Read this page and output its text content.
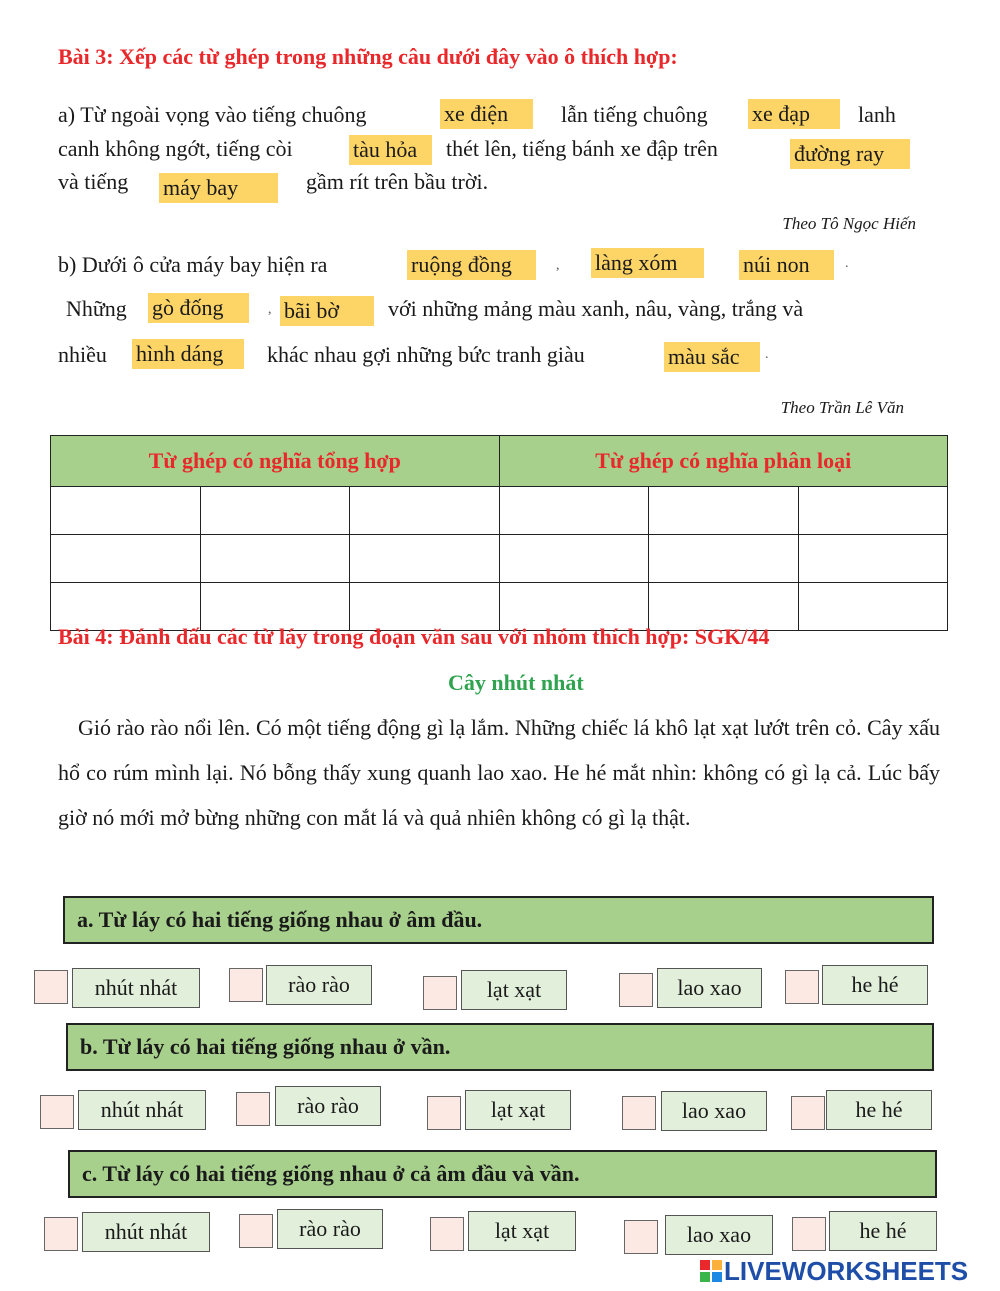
Bài 3: Xếp các từ ghép trong những câu dưới đây vào ô thích hợp:
a) Từ ngoài vọng vào tiếng chuông	xe điện	lẫn tiếng chuông xe đạp	lanh
canh không ngớt, tiếng còi	tàu hỏa	thét lên, tiếng bánh xe đập trên	đường ray
và tiếng máy bay	gầm rít trên bầu trời.
Theo Tô Ngọc Hiến
b) Dưới ô cửa máy bay hiện ra	ruộng đồng	, làng xóm	núi non	.
Những gò đống	, bãi bờ	với những mảng màu xanh, nâu, vàng, trắng và
nhiều hình dáng	khác nhau gợi những bức tranh giàu	màu sắc	.
Theo Trần Lê Văn
Từ ghép có nghĩa tổng hợp			Từ ghép có nghĩa phân loại		

Bài 4: Đánh dấu các từ láy trong đoạn văn sau với nhóm thích hợp: SGK/44
Cây nhút nhát
Gió rào rào nổi lên. Có một tiếng động gì lạ lắm. Những chiếc lá khô lạt xạt lướt trên cỏ. Cây xấu hổ co rúm mình lại. Nó bỗng thấy xung quanh lao xao. He hé mắt nhìn: không có gì lạ cả. Lúc bấy giờ nó mới mở bừng những con mắt lá và quả nhiên không có gì lạ thật.
a. Từ láy có hai tiếng giống nhau ở âm đầu.
nhút nhát	rào rào	lạt xạt	lao xao	he hé
b. Từ láy có hai tiếng giống nhau ở vần.
nhút nhát	rào rào	lạt xạt	lao xao	he hé
c. Từ láy có hai tiếng giống nhau ở cả âm đầu và vần.
nhút nhát	rào rào	lạt xạt	lao xao	he hé
LIVEWORKSHEETS
